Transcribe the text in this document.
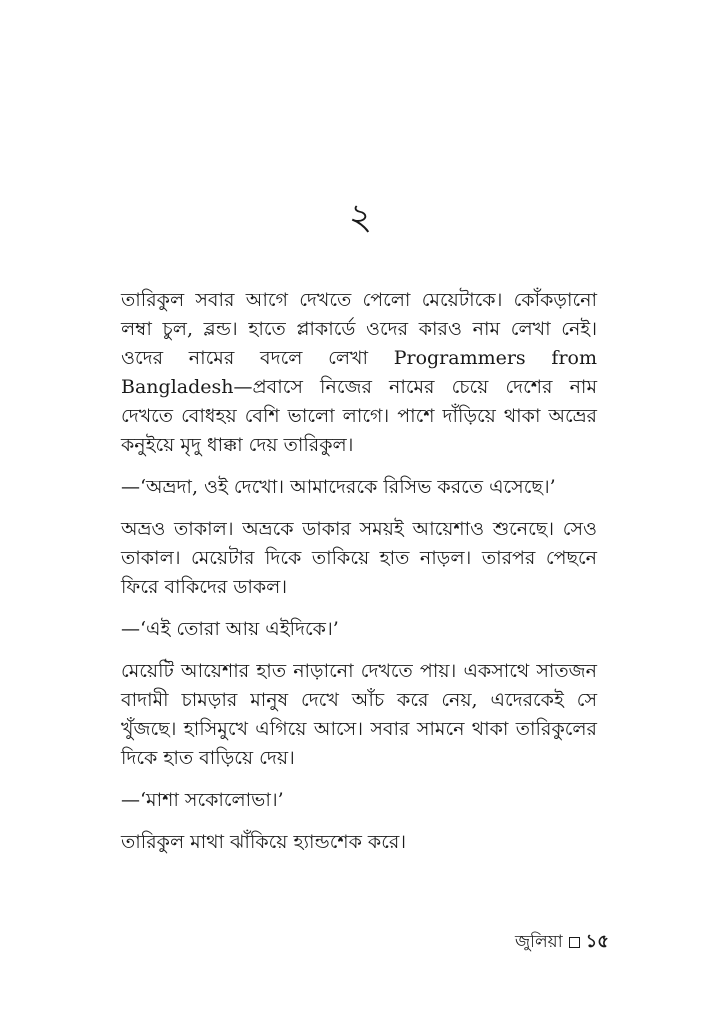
২

তারিকুল সবার আগে দেখতে পেলো মেয়েটাকে। কোঁকড়ানো লম্বা চুল, ব্লন্ড। হাতে প্লাকার্ডে ওদের কারও নাম লেখা নেই। ওদের নামের বদলে লেখা Programmers from Bangladesh—প্রবাসে নিজের নামের চেয়ে দেশের নাম দেখতে বোধহয় বেশি ভালো লাগে। পাশে দাঁড়িয়ে থাকা অভ্রের কনুইয়ে মৃদু ধাক্কা দেয় তারিকুল।

—‘অভ্রদা, ওই দেখো। আমাদেরকে রিসিভ করতে এসেছে।’

অভ্রও তাকাল। অভ্রকে ডাকার সময়ই আয়েশাও শুনেছে। সেও তাকাল। মেয়েটার দিকে তাকিয়ে হাত নাড়ল। তারপর পেছনে ফিরে বাকিদের ডাকল।

—‘এই তোরা আয় এইদিকে।’

মেয়েটি আয়েশার হাত নাড়ানো দেখতে পায়। একসাথে সাতজন বাদামী চামড়ার মানুষ দেখে আঁচ করে নেয়, এদেরকেই সে খুঁজছে। হাসিমুখে এগিয়ে আসে। সবার সামনে থাকা তারিকুলের দিকে হাত বাড়িয়ে দেয়।

—‘মাশা সকোলোভা।’

তারিকুল মাথা ঝাঁকিয়ে হ্যান্ডশেক করে।

জুলিয়া ১৫
